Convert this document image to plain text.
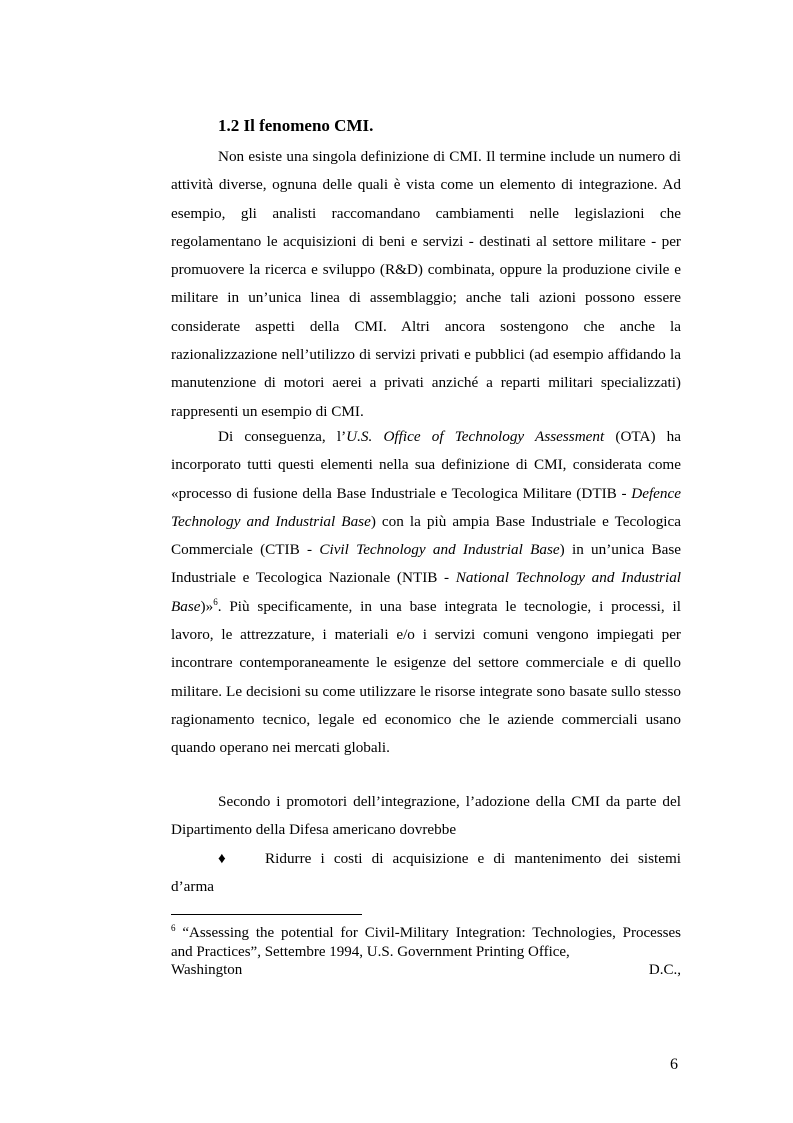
1.2 Il fenomeno CMI.

Non esiste una singola definizione di CMI. Il termine include un numero di attività diverse, ognuna delle quali è vista come un elemento di integrazione. Ad esempio, gli analisti raccomandano cambiamenti nelle legislazioni che regolamentano le acquisizioni di beni e servizi - destinati al settore militare - per promuovere la ricerca e sviluppo (R&D) combinata, oppure la produzione civile e militare in un’unica linea di assemblaggio; anche tali azioni possono essere considerate aspetti della CMI. Altri ancora sostengono che anche la razionalizzazione nell’utilizzo di servizi privati e pubblici (ad esempio affidando la manutenzione di motori aerei a privati anziché a reparti militari specializzati) rappresenti un esempio di CMI.

Di conseguenza, l’U.S. Office of Technology Assessment (OTA) ha incorporato tutti questi elementi nella sua definizione di CMI, considerata come «processo di fusione della Base Industriale e Tecologica Militare (DTIB - Defence Technology and Industrial Base) con la più ampia Base Industriale e Tecologica Commerciale (CTIB - Civil Technology and Industrial Base) in un’unica Base Industriale e Tecologica Nazionale (NTIB - National Technology and Industrial Base)»$^6$. Più specificamente, in una base integrata le tecnologie, i processi, il lavoro, le attrezzature, i materiali e/o i servizi comuni vengono impiegati per incontrare contemporaneamente le esigenze del settore commerciale e di quello militare. Le decisioni su come utilizzare le risorse integrate sono basate sullo stesso ragionamento tecnico, legale ed economico che le aziende commerciali usano quando operano nei mercati globali.

Secondo i promotori dell’integrazione, l’adozione della CMI da parte del Dipartimento della Difesa americano dovrebbe

♦	Ridurre i costi di acquisizione e di mantenimento dei sistemi
d’arma
$^6$ “Assessing the potential for Civil-Military Integration: Technologies, Processes and Practices”, Settembre 1994, U.S. Government Printing Office,
Washington	D.C.,
6
